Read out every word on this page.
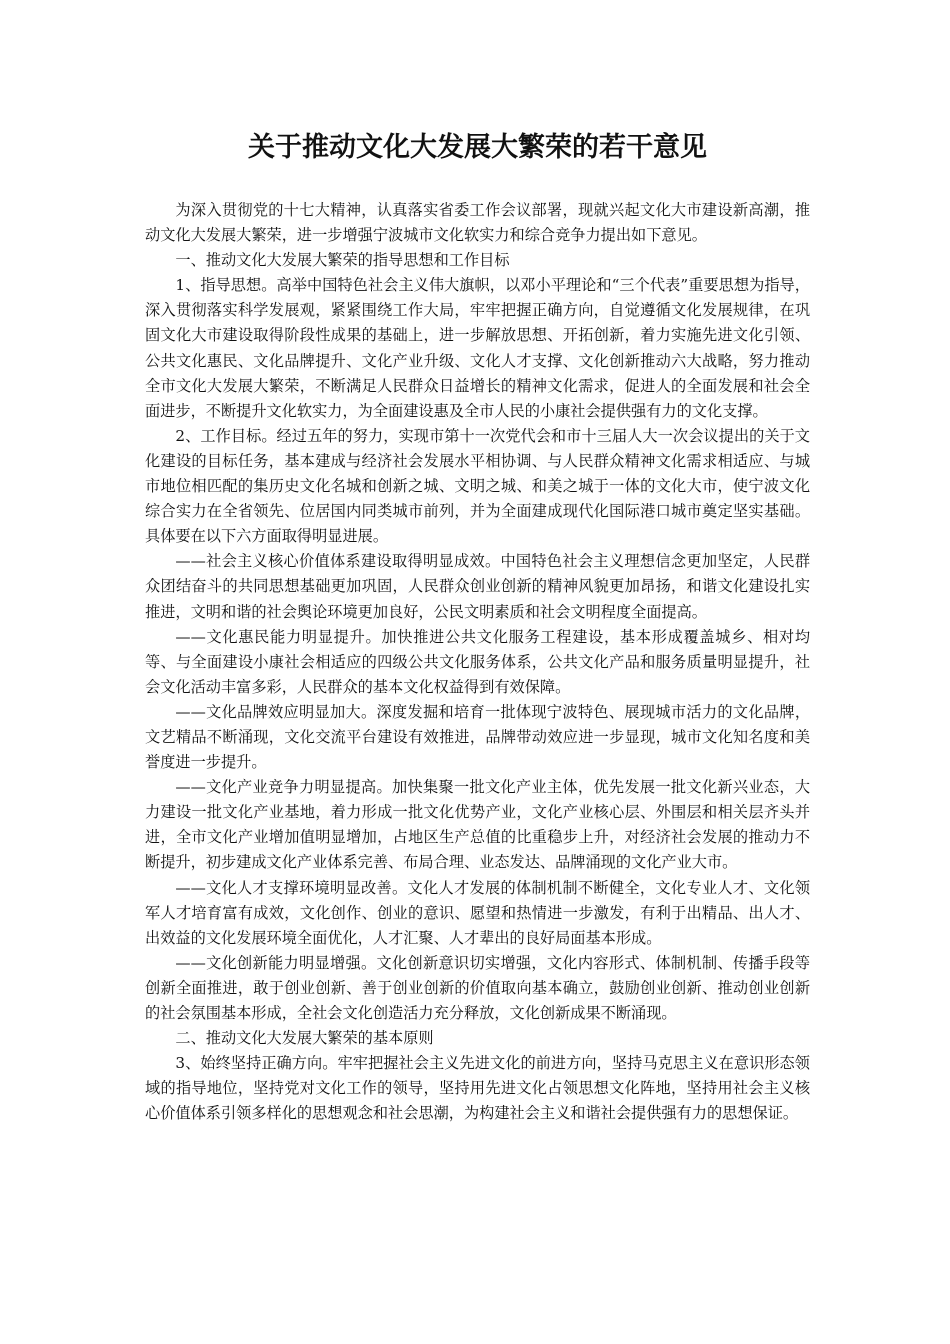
关于推动文化大发展大繁荣的若干意见

为深入贯彻党的十七大精神，认真落实省委工作会议部署，现就兴起文化大市建设新高潮，推动文化大发展大繁荣，进一步增强宁波城市文化软实力和综合竞争力提出如下意见。

一、推动文化大发展大繁荣的指导思想和工作目标

1、指导思想。高举中国特色社会主义伟大旗帜，以邓小平理论和“三个代表”重要思想为指导，深入贯彻落实科学发展观，紧紧围绕工作大局，牢牢把握正确方向，自觉遵循文化发展规律，在巩固文化大市建设取得阶段性成果的基础上，进一步解放思想、开拓创新，着力实施先进文化引领、公共文化惠民、文化品牌提升、文化产业升级、文化人才支撑、文化创新推动六大战略，努力推动全市文化大发展大繁荣，不断满足人民群众日益增长的精神文化需求，促进人的全面发展和社会全面进步，不断提升文化软实力，为全面建设惠及全市人民的小康社会提供强有力的文化支撑。

2、工作目标。经过五年的努力，实现市第十一次党代会和市十三届人大一次会议提出的关于文化建设的目标任务，基本建成与经济社会发展水平相协调、与人民群众精神文化需求相适应、与城市地位相匹配的集历史文化名城和创新之城、文明之城、和美之城于一体的文化大市，使宁波文化综合实力在全省领先、位居国内同类城市前列，并为全面建成现代化国际港口城市奠定坚实基础。具体要在以下六方面取得明显进展。

——社会主义核心价值体系建设取得明显成效。中国特色社会主义理想信念更加坚定，人民群众团结奋斗的共同思想基础更加巩固，人民群众创业创新的精神风貌更加昂扬，和谐文化建设扎实推进，文明和谐的社会舆论环境更加良好，公民文明素质和社会文明程度全面提高。

——文化惠民能力明显提升。加快推进公共文化服务工程建设，基本形成覆盖城乡、相对均等、与全面建设小康社会相适应的四级公共文化服务体系，公共文化产品和服务质量明显提升，社会文化活动丰富多彩，人民群众的基本文化权益得到有效保障。

——文化品牌效应明显加大。深度发掘和培育一批体现宁波特色、展现城市活力的文化品牌，文艺精品不断涌现，文化交流平台建设有效推进，品牌带动效应进一步显现，城市文化知名度和美誉度进一步提升。

——文化产业竞争力明显提高。加快集聚一批文化产业主体，优先发展一批文化新兴业态，大力建设一批文化产业基地，着力形成一批文化优势产业，文化产业核心层、外围层和相关层齐头并进，全市文化产业增加值明显增加，占地区生产总值的比重稳步上升，对经济社会发展的推动力不断提升，初步建成文化产业体系完善、布局合理、业态发达、品牌涌现的文化产业大市。

——文化人才支撑环境明显改善。文化人才发展的体制机制不断健全，文化专业人才、文化领军人才培育富有成效，文化创作、创业的意识、愿望和热情进一步激发，有利于出精品、出人才、出效益的文化发展环境全面优化，人才汇聚、人才辈出的良好局面基本形成。

——文化创新能力明显增强。文化创新意识切实增强，文化内容形式、体制机制、传播手段等创新全面推进，敢于创业创新、善于创业创新的价值取向基本确立，鼓励创业创新、推动创业创新的社会氛围基本形成，全社会文化创造活力充分释放，文化创新成果不断涌现。

二、推动文化大发展大繁荣的基本原则

3、始终坚持正确方向。牢牢把握社会主义先进文化的前进方向，坚持马克思主义在意识形态领域的指导地位，坚持党对文化工作的领导，坚持用先进文化占领思想文化阵地，坚持用社会主义核心价值体系引领多样化的思想观念和社会思潮，为构建社会主义和谐社会提供强有力的思想保证。
